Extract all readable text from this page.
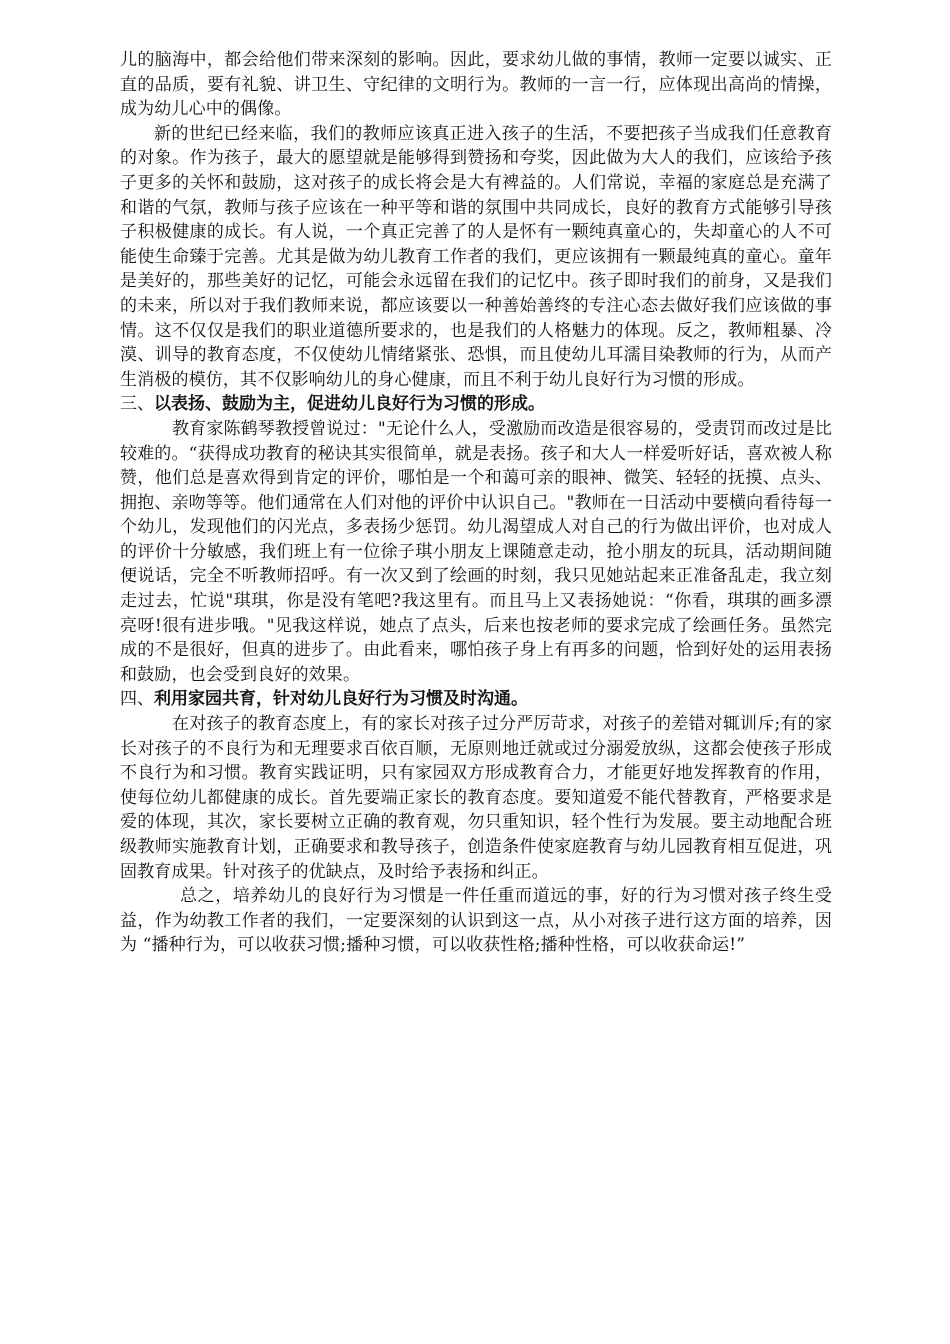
儿的脑海中，都会给他们带来深刻的影响。因此，要求幼儿做的事情，教师一定要以诚实、正直的品质，要有礼貌、讲卫生、守纪律的文明行为。教师的一言一行，应体现出高尚的情操，成为幼儿心中的偶像。

新的世纪已经来临，我们的教师应该真正进入孩子的生活，不要把孩子当成我们任意教育的对象。作为孩子，最大的愿望就是能够得到赞扬和夸奖，因此做为大人的我们，应该给予孩子更多的关怀和鼓励，这对孩子的成长将会是大有裨益的。人们常说，幸福的家庭总是充满了和谐的气氛，教师与孩子应该在一种平等和谐的氛围中共同成长，良好的教育方式能够引导孩子积极健康的成长。有人说，一个真正完善了的人是怀有一颗纯真童心的，失却童心的人不可能使生命臻于完善。尤其是做为幼儿教育工作者的我们，更应该拥有一颗最纯真的童心。童年是美好的，那些美好的记忆，可能会永远留在我们的记忆中。孩子即时我们的前身，又是我们的未来，所以对于我们教师来说，都应该要以一种善始善终的专注心态去做好我们应该做的事情。这不仅仅是我们的职业道德所要求的，也是我们的人格魅力的体现。反之，教师粗暴、冷漠、训导的教育态度，不仅使幼儿情绪紧张、恐惧，而且使幼儿耳濡目染教师的行为，从而产生消极的模仿，其不仅影响幼儿的身心健康，而且不利于幼儿良好行为习惯的形成。

三、以表扬、鼓励为主，促进幼儿良好行为习惯的形成。

教育家陈鹤琴教授曾说过："无论什么人，受激励而改造是很容易的，受责罚而改过是比较难的。“获得成功教育的秘诀其实很简单，就是表扬。孩子和大人一样爱听好话，喜欢被人称赞，他们总是喜欢得到肯定的评价，哪怕是一个和蔼可亲的眼神、微笑、轻轻的抚摸、点头、拥抱、亲吻等等。他们通常在人们对他的评价中认识自己。"教师在一日活动中要横向看待每一个幼儿，发现他们的闪光点，多表扬少惩罚。幼儿渴望成人对自己的行为做出评价，也对成人的评价十分敏感，我们班上有一位徐子琪小朋友上课随意走动，抢小朋友的玩具，活动期间随便说话，完全不听教师招呼。有一次又到了绘画的时刻，我只见她站起来正准备乱走，我立刻走过去，忙说"琪琪，你是没有笔吧?我这里有。而且马上又表扬她说：“你看，琪琪的画多漂亮呀!很有进步哦。"见我这样说，她点了点头，后来也按老师的要求完成了绘画任务。虽然完成的不是很好，但真的进步了。由此看来，哪怕孩子身上有再多的问题，恰到好处的运用表扬和鼓励，也会受到良好的效果。

四、利用家园共育，针对幼儿良好行为习惯及时沟通。

在对孩子的教育态度上，有的家长对孩子过分严厉苛求，对孩子的差错对辄训斥;有的家长对孩子的不良行为和无理要求百依百顺，无原则地迁就或过分溺爱放纵，这都会使孩子形成不良行为和习惯。教育实践证明，只有家园双方形成教育合力，才能更好地发挥教育的作用，使每位幼儿都健康的成长。首先要端正家长的教育态度。要知道爱不能代替教育，严格要求是爱的体现，其次，家长要树立正确的教育观，勿只重知识，轻个性行为发展。要主动地配合班级教师实施教育计划，正确要求和教导孩子，创造条件使家庭教育与幼儿园教育相互促进，巩固教育成果。针对孩子的优缺点，及时给予表扬和纠正。

总之，培养幼儿的良好行为习惯是一件任重而道远的事，好的行为习惯对孩子终生受益，作为幼教工作者的我们，一定要深刻的认识到这一点，从小对孩子进行这方面的培养，因为 “播种行为，可以收获习惯;播种习惯，可以收获性格;播种性格，可以收获命运!”
